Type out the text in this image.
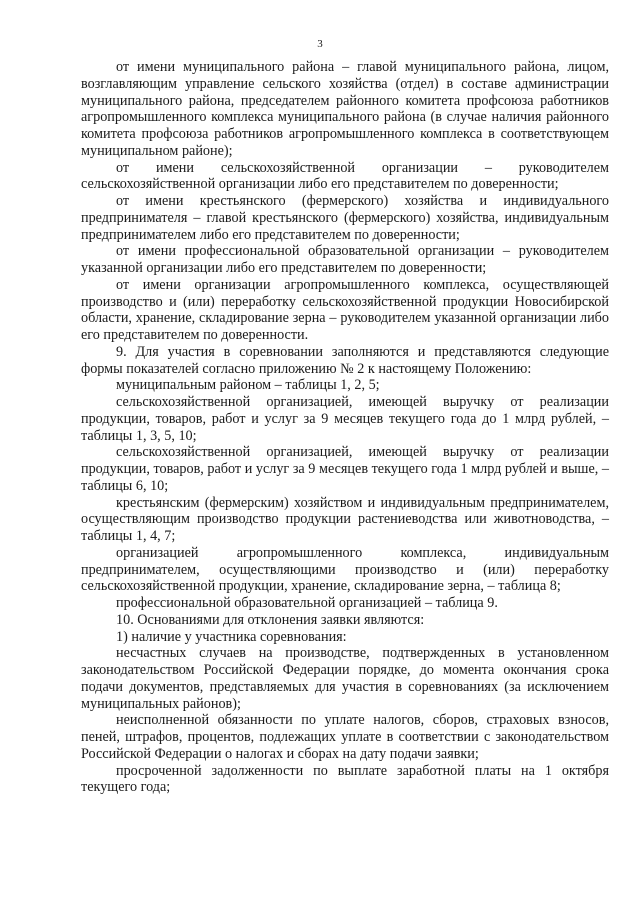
3

от имени муниципального района – главой муниципального района, лицом, возглавляющим управление сельского хозяйства (отдел) в составе администрации муниципального района, председателем районного комитета профсоюза работников агропромышленного комплекса муниципального района (в случае наличия районного комитета профсоюза работников агропромышленного комплекса в соответствующем муниципальном районе);

от имени сельскохозяйственной организации – руководителем сельскохозяйственной организации либо его представителем по доверенности;

от имени крестьянского (фермерского) хозяйства и индивидуального предпринимателя – главой крестьянского (фермерского) хозяйства, индивидуальным предпринимателем либо его представителем по доверенности;

от имени профессиональной образовательной организации – руководителем указанной организации либо его представителем по доверенности;

от имени организации агропромышленного комплекса, осуществляющей производство и (или) переработку сельскохозяйственной продукции Новосибирской области, хранение, складирование зерна – руководителем указанной организации либо его представителем по доверенности.

9. Для участия в соревновании заполняются и представляются следующие формы показателей согласно приложению № 2 к настоящему Положению:

муниципальным районом – таблицы 1, 2, 5;

сельскохозяйственной организацией, имеющей выручку от реализации продукции, товаров, работ и услуг за 9 месяцев текущего года до 1 млрд рублей, – таблицы 1, 3, 5, 10;

сельскохозяйственной организацией, имеющей выручку от реализации продукции, товаров, работ и услуг за 9 месяцев текущего года 1 млрд рублей и выше, – таблицы 6, 10;

крестьянским (фермерским) хозяйством и индивидуальным предпринимателем, осуществляющим производство продукции растениеводства или животноводства, – таблицы 1, 4, 7;

организацией агропромышленного комплекса, индивидуальным предпринимателем, осуществляющими производство и (или) переработку сельскохозяйственной продукции, хранение, складирование зерна, – таблица 8;

профессиональной образовательной организацией – таблица 9.

10. Основаниями для отклонения заявки являются:

1) наличие у участника соревнования:

несчастных случаев на производстве, подтвержденных в установленном законодательством Российской Федерации порядке, до момента окончания срока подачи документов, представляемых для участия в соревнованиях (за исключением муниципальных районов);

неисполненной обязанности по уплате налогов, сборов, страховых взносов, пеней, штрафов, процентов, подлежащих уплате в соответствии с законодательством Российской Федерации о налогах и сборах на дату подачи заявки;

просроченной задолженности по выплате заработной платы на 1 октября текущего года;
